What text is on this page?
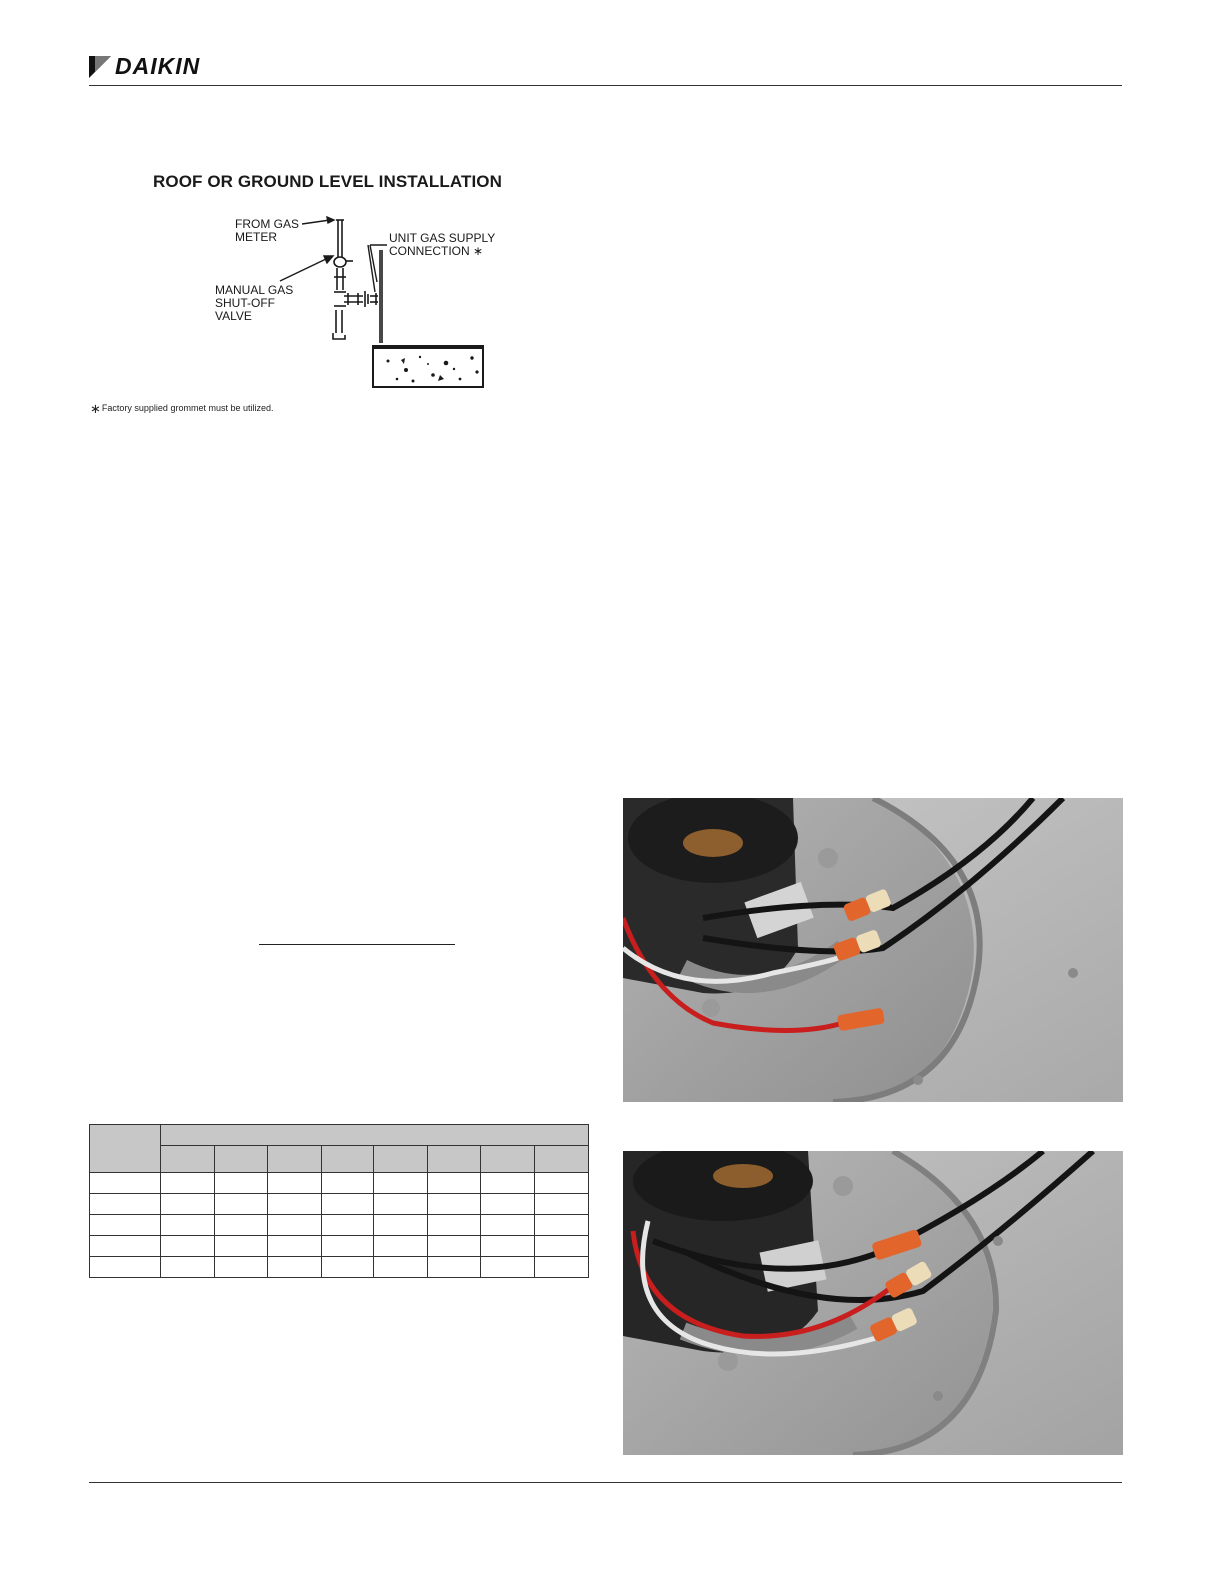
DAIKIN
ROOF OR GROUND LEVEL INSTALLATION
FROM GAS
METER	UNIT GAS SUPPLY
CONNECTION ∗
MANUAL GAS
SHUT-OFF
VALVE
∗Factory supplied grommet must be utilized.
